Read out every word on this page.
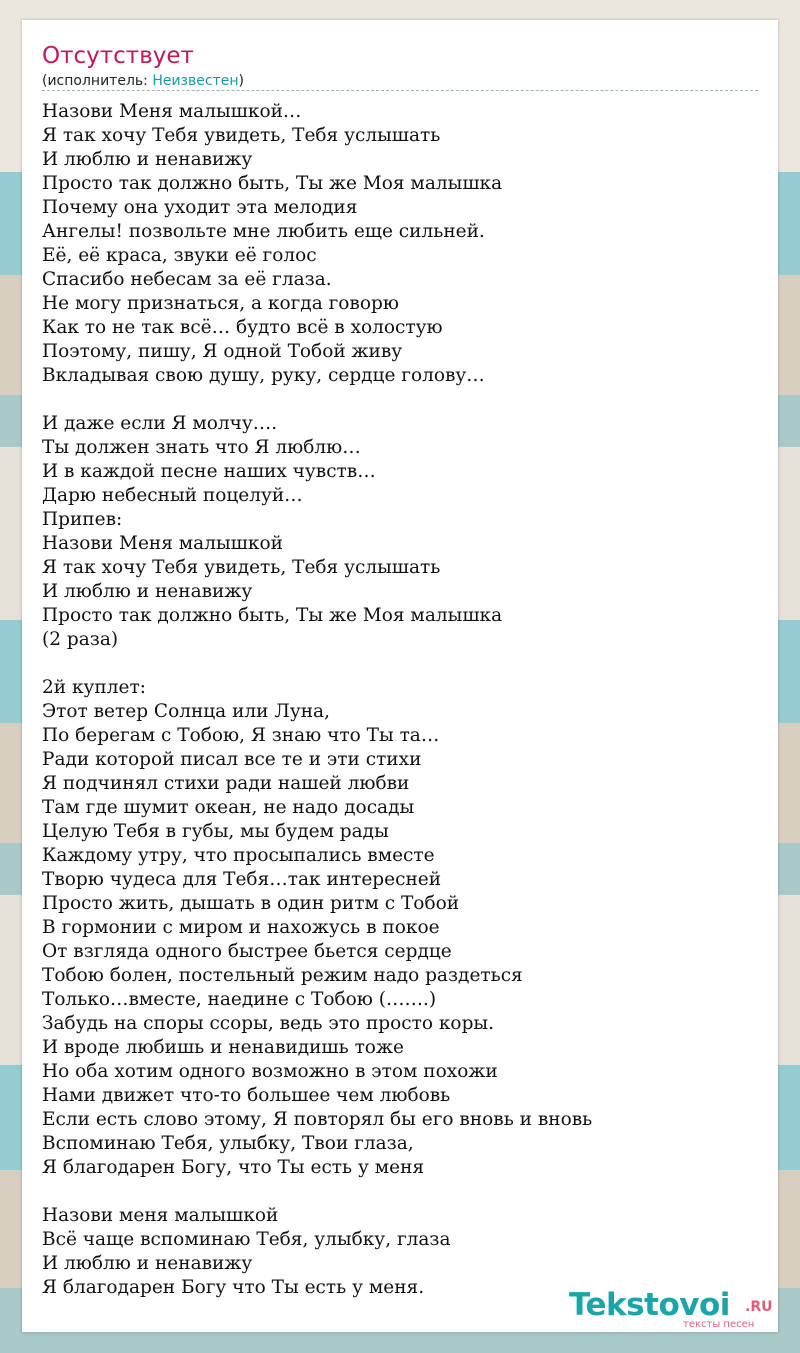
Отсутствует
(исполнитель: Неизвестен)
Назови Меня малышкой…
Я так хочу Тебя увидеть, Тебя услышать
И люблю и ненавижу
Просто так должно быть, Ты же Моя малышка
Почему она уходит эта мелодия
Ангелы! позвольте мне любить еще сильней.
Её, её краса, звуки её голос
Спасибо небесам за её глаза.
Не могу признаться, а когда говорю
Как то не так всё… будто всё в холостую
Поэтому, пишу, Я одной Тобой живу
Вкладывая свою душу, руку, сердце голову…

И даже если Я молчу….
Ты должен знать что Я люблю…
И в каждой песне наших чувств…
Дарю небесный поцелуй…
Припев:
Назови Меня малышкой
Я так хочу Тебя увидеть, Тебя услышать
И люблю и ненавижу
Просто так должно быть, Ты же Моя малышка
(2 раза)

2й куплет:
Этот ветер Солнца или Луна,
По берегам с Тобою, Я знаю что Ты та…
Ради которой писал все те и эти стихи
Я подчинял стихи ради нашей любви
Там где шумит океан, не надо досады
Целую Тебя в губы, мы будем рады
Каждому утру, что просыпались вместе
Творю чудеса для Тебя…так интересней
Просто жить, дышать в один ритм с Тобой
В гормонии с миром и нахожусь в покое
От взгляда одного быстрее бьется сердце
Тобою болен, постельный режим надо раздеться
Только…вместе, наедине с Тобою (…….)
Забудь на споры ссоры, ведь это просто коры.
И вроде любишь и ненавидишь тоже
Но оба хотим одного возможно в этом похожи
Нами движет что-то большее чем любовь
Если есть слово этому, Я повторял бы его вновь и вновь
Вспоминаю Тебя, улыбку, Твои глаза,
Я благодарен Богу, что Ты есть у меня

Назови меня малышкой
Всё чаще вспоминаю Тебя, улыбку, глаза
И люблю и ненавижу
Я благодарен Богу что Ты есть у меня.	Tekstovoi .RU
тексты песен
